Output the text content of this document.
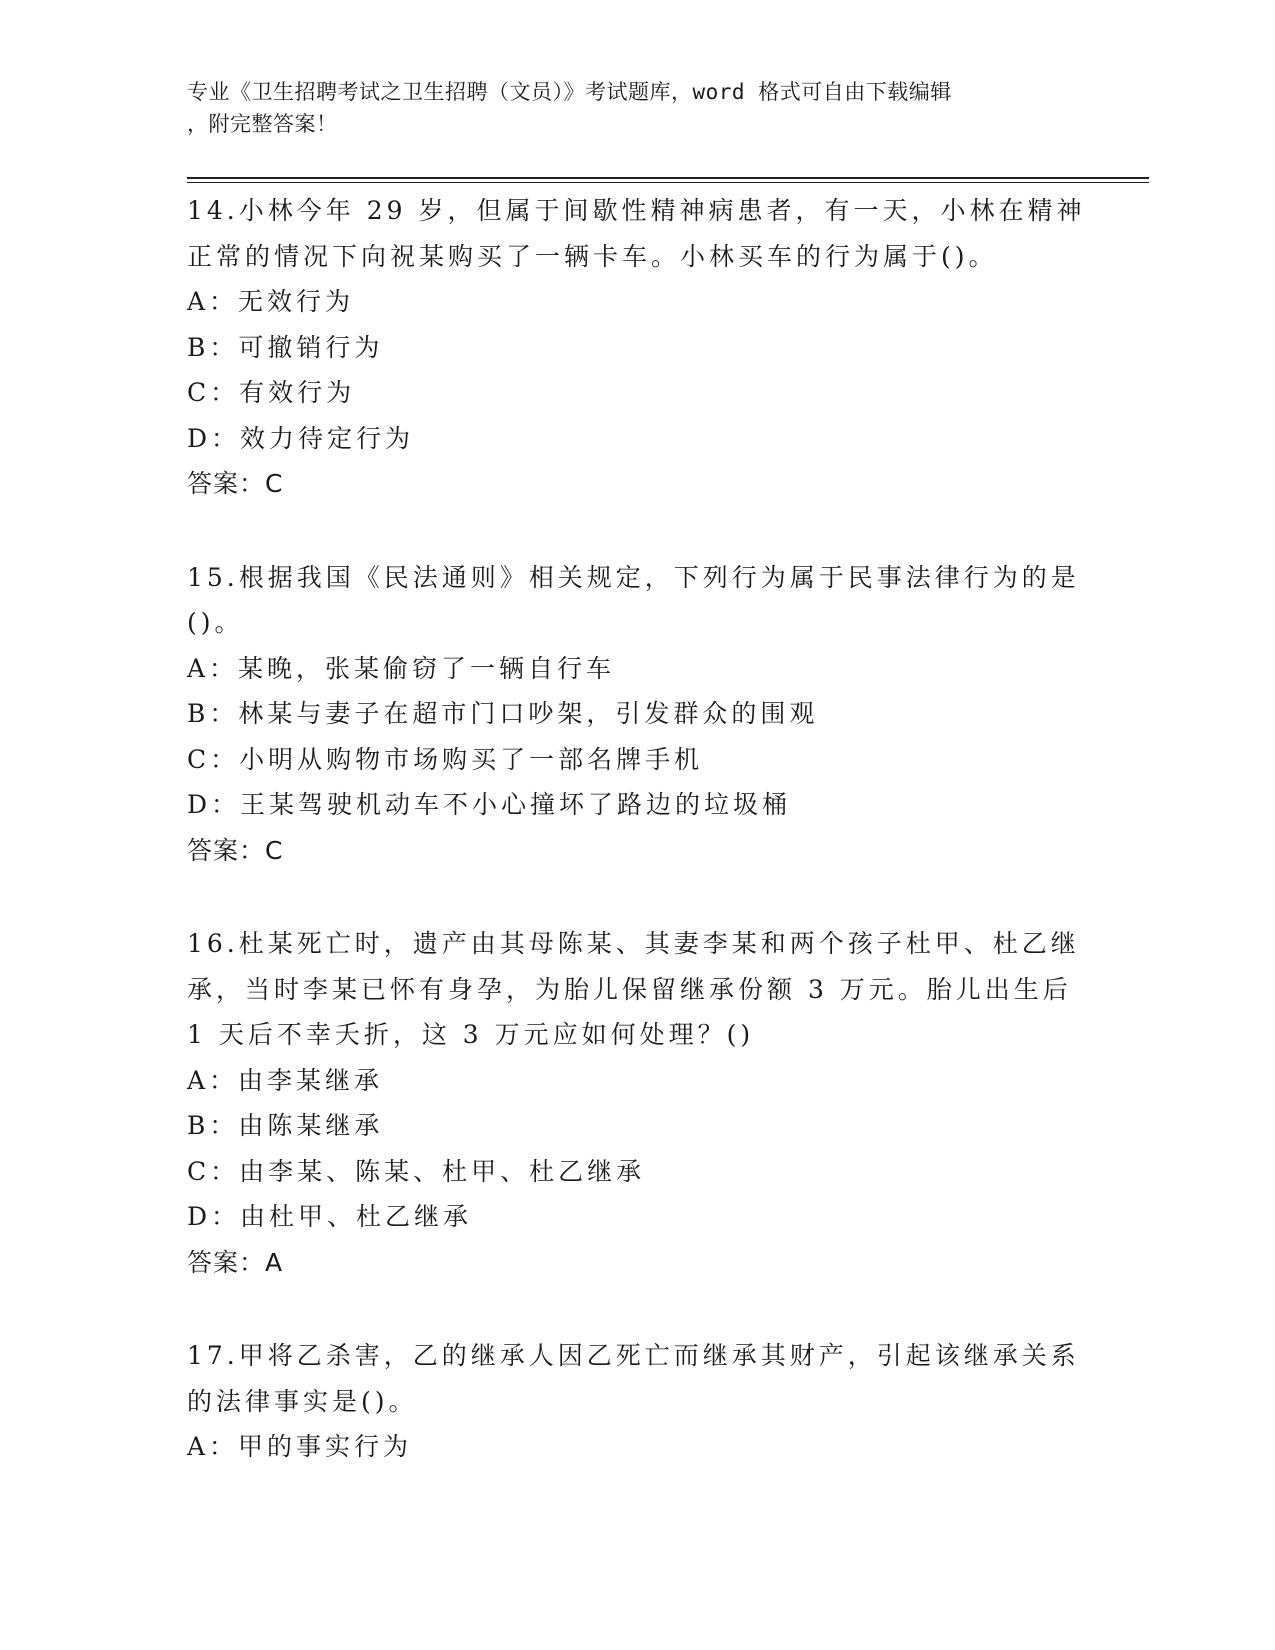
专业《卫生招聘考试之卫生招聘（文员）》考试题库，word 格式可自由下载编辑
，附完整答案！
14.小林今年 29 岁，但属于间歇性精神病患者，有一天，小林在精神
正常的情况下向祝某购买了一辆卡车。小林买车的行为属于()。
A：无效行为
B：可撤销行为
C：有效行为
D：效力待定行为
答案：C
15.根据我国《民法通则》相关规定，下列行为属于民事法律行为的是
()。
A：某晚，张某偷窃了一辆自行车
B：林某与妻子在超市门口吵架，引发群众的围观
C：小明从购物市场购买了一部名牌手机
D：王某驾驶机动车不小心撞坏了路边的垃圾桶
答案：C
16.杜某死亡时，遗产由其母陈某、其妻李某和两个孩子杜甲、杜乙继
承，当时李某已怀有身孕，为胎儿保留继承份额 3 万元。胎儿出生后
1 天后不幸夭折，这 3 万元应如何处理？()
A：由李某继承
B：由陈某继承
C：由李某、陈某、杜甲、杜乙继承
D：由杜甲、杜乙继承
答案：A
17.甲将乙杀害，乙的继承人因乙死亡而继承其财产，引起该继承关系
的法律事实是()。
A：甲的事实行为
